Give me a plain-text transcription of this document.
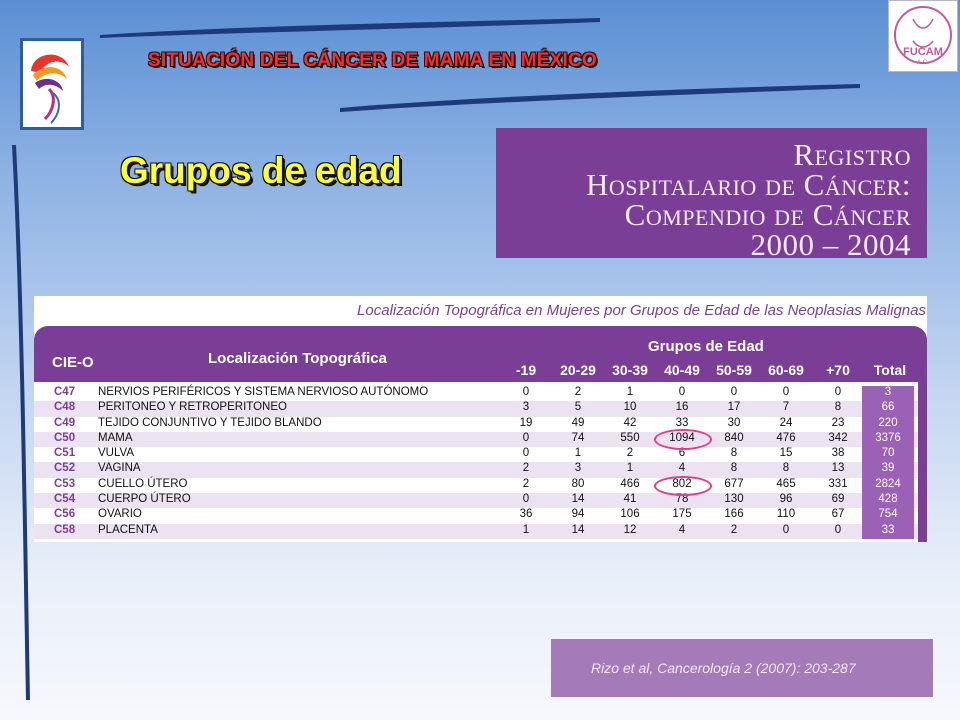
FUCAM
A.C.
SITUACIÓN DEL CÁNCER DE MAMA EN MÉXICO
Grupos de edad	Registro
Hospitalario de Cáncer:
Compendio de Cáncer
2000 – 2004
Localización Topográfica en Mujeres por Grupos de Edad de las Neoplasias Malignas
CIE-O	Localización Topográfica
Grupos de Edad
-19	20-29	30-39	40-49	50-59	60-69	+70	Total
C47	NERVIOS PERIFÉRICOS Y SISTEMA NERVIOSO AUTÓNOMO	0	2	1	0	0	0	0	3
C48	PERITONEO Y RETROPERITONEO	3	5	10	16	17	7	8	66
C49	TEJIDO CONJUNTIVO Y TEJIDO BLANDO	19	49	42	33	30	24	23	220
C50	MAMA	0	74	550	1094	840	476	342	3376
C51	VULVA	0	1	2	6	8	15	38	70
C52	VAGINA	2	3	1	4	8	8	13	39
C53	CUELLO ÚTERO	2	80	466	802	677	465	331	2824
C54	CUERPO ÚTERO	0	14	41	78	130	96	69	428
C56	OVARIO	36	94	106	175	166	110	67	754
C58	PLACENTA	1	14	12	4	2	0	0	33
Rizo et al, Cancerología 2 (2007): 203-287
